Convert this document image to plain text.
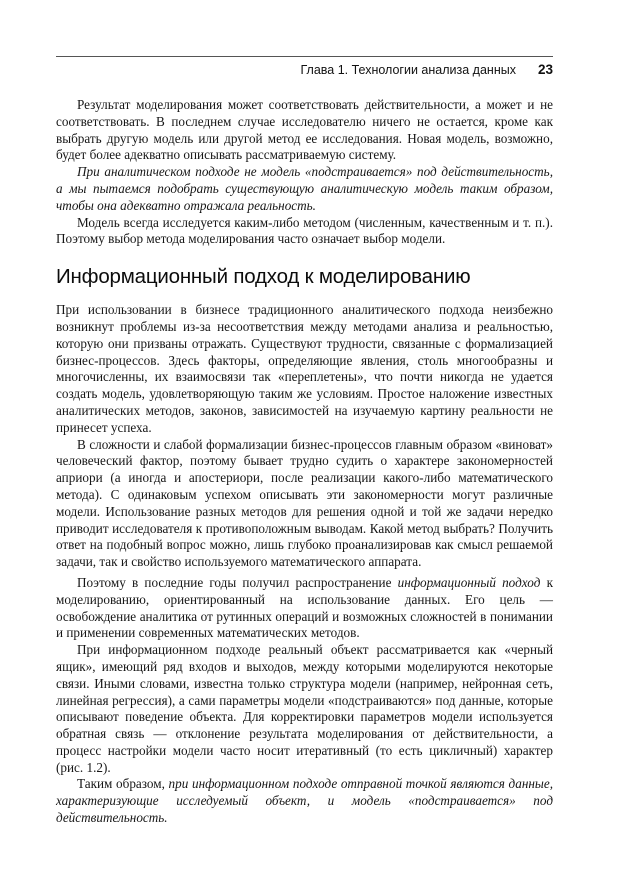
Глава 1. Технологии анализа данных 23

Результат моделирования может соответствовать действительности, а может и не соответствовать. В последнем случае исследователю ничего не остается, кроме как выбрать другую модель или другой метод ее исследования. Новая модель, возможно, будет более адекватно описывать рассматриваемую систему.

При аналитическом подходе не модель «подстраивается» под действительность, а мы пытаемся подобрать существующую аналитическую модель таким образом, чтобы она адекватно отражала реальность.

Модель всегда исследуется каким-либо методом (численным, качественным и т. п.). Поэтому выбор метода моделирования часто означает выбор модели.

Информационный подход к моделированию

При использовании в бизнесе традиционного аналитического подхода неизбежно возникнут проблемы из-за несоответствия между методами анализа и реальностью, которую они призваны отражать. Существуют трудности, связанные с формализацией бизнес-процессов. Здесь факторы, определяющие явления, столь многообразны и многочисленны, их взаимосвязи так «переплетены», что почти никогда не удается создать модель, удовлетворяющую таким же условиям. Простое наложение известных аналитических методов, законов, зависимостей на изучаемую картину реальности не принесет успеха.

В сложности и слабой формализации бизнес-процессов главным образом «виноват» человеческий фактор, поэтому бывает трудно судить о характере закономерностей априори (а иногда и апостериори, после реализации какого-либо математического метода). С одинаковым успехом описывать эти закономерности могут различные модели. Использование разных методов для решения одной и той же задачи нередко приводит исследователя к противоположным выводам. Какой метод выбрать? Получить ответ на подобный вопрос можно, лишь глубоко проанализировав как смысл решаемой задачи, так и свойство используемого математического аппарата.

Поэтому в последние годы получил распространение информационный подход к моделированию, ориентированный на использование данных. Его цель — освобождение аналитика от рутинных операций и возможных сложностей в понимании и применении современных математических методов.

При информационном подходе реальный объект рассматривается как «черный ящик», имеющий ряд входов и выходов, между которыми моделируются некоторые связи. Иными словами, известна только структура модели (например, нейронная сеть, линейная регрессия), а сами параметры модели «подстраиваются» под данные, которые описывают поведение объекта. Для корректировки параметров модели используется обратная связь — отклонение результата моделирования от действительности, а процесс настройки модели часто носит итеративный (то есть цикличный) характер (рис. 1.2).

Таким образом, при информационном подходе отправной точкой являются данные, характеризующие исследуемый объект, и модель «подстраивается» под действительность.
